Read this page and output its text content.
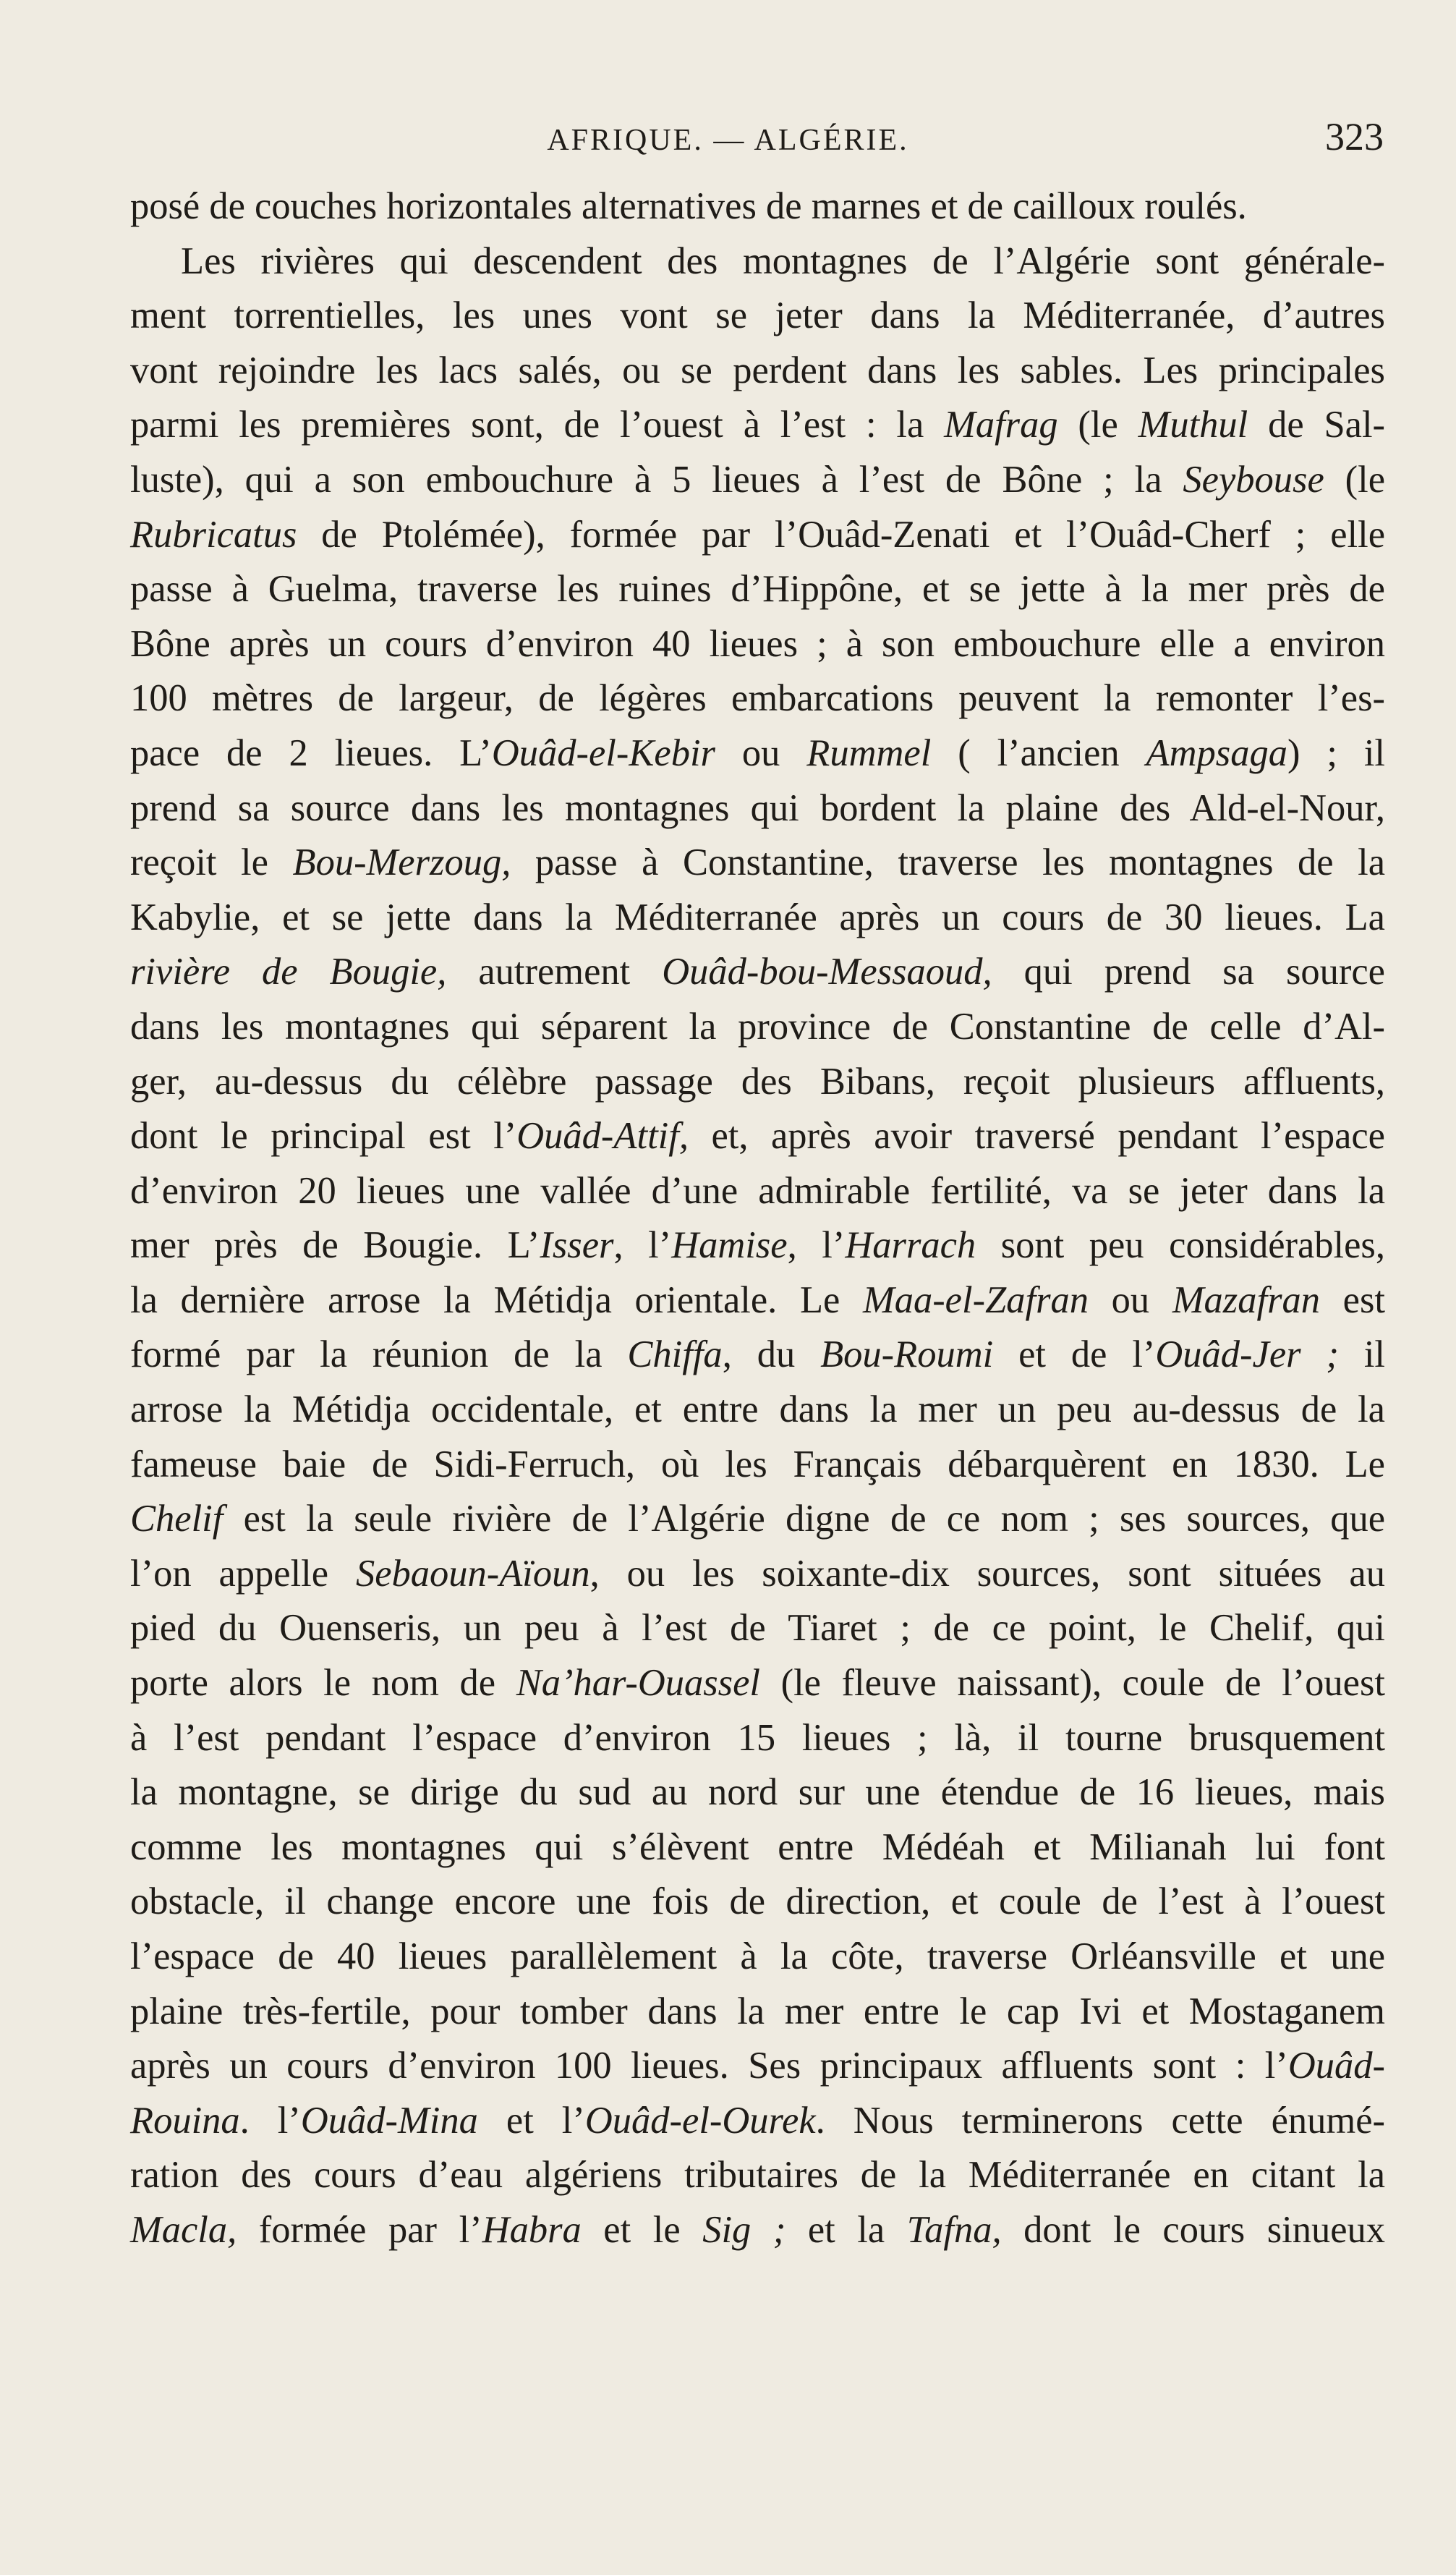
AFRIQUE. — ALGÉRIE.	323
posé de couches horizontales alternatives de marnes et de cailloux roulés.
Les rivières qui descendent des montagnes de l’Algérie sont générale-
ment torrentielles, les unes vont se jeter dans la Méditerranée, d’autres
vont rejoindre les lacs salés, ou se perdent dans les sables. Les principales
parmi les premières sont, de l’ouest à l’est : la Mafrag (le Muthul de Sal-
luste), qui a son embouchure à 5 lieues à l’est de Bône ; la Seybouse (le
Rubricatus de Ptolémée), formée par l’Ouâd-Zenati et l’Ouâd-Cherf ; elle
passe à Guelma, traverse les ruines d’Hippône, et se jette à la mer près de
Bône après un cours d’environ 40 lieues ; à son embouchure elle a environ
100 mètres de largeur, de légères embarcations peuvent la remonter l’es-
pace de 2 lieues. L’Ouâd-el-Kebir ou Rummel ( l’ancien Ampsaga) ; il
prend sa source dans les montagnes qui bordent la plaine des Ald-el-Nour,
reçoit le Bou-Merzoug, passe à Constantine, traverse les montagnes de la
Kabylie, et se jette dans la Méditerranée après un cours de 30 lieues. La
rivière de Bougie, autrement Ouâd-bou-Messaoud, qui prend sa source
dans les montagnes qui séparent la province de Constantine de celle d’Al-
ger, au-dessus du célèbre passage des Bibans, reçoit plusieurs affluents,
dont le principal est l’Ouâd-Attif, et, après avoir traversé pendant l’espace
d’environ 20 lieues une vallée d’une admirable fertilité, va se jeter dans la
mer près de Bougie. L’Isser, l’Hamise, l’Harrach sont peu considérables,
la dernière arrose la Métidja orientale. Le Maa-el-Zafran ou Mazafran est
formé par la réunion de la Chiffa, du Bou-Roumi et de l’Ouâd-Jer ; il
arrose la Métidja occidentale, et entre dans la mer un peu au-dessus de la
fameuse baie de Sidi-Ferruch, où les Français débarquèrent en 1830. Le
Chelif est la seule rivière de l’Algérie digne de ce nom ; ses sources, que
l’on appelle Sebaoun-Aïoun, ou les soixante-dix sources, sont situées au
pied du Ouenseris, un peu à l’est de Tiaret ; de ce point, le Chelif, qui
porte alors le nom de Na’har-Ouassel (le fleuve naissant), coule de l’ouest
à l’est pendant l’espace d’environ 15 lieues ; là, il tourne brusquement
la montagne, se dirige du sud au nord sur une étendue de 16 lieues, mais
comme les montagnes qui s’élèvent entre Médéah et Milianah lui font
obstacle, il change encore une fois de direction, et coule de l’est à l’ouest
l’espace de 40 lieues parallèlement à la côte, traverse Orléansville et une
plaine très-fertile, pour tomber dans la mer entre le cap Ivi et Mostaganem
après un cours d’environ 100 lieues. Ses principaux affluents sont : l’Ouâd-
Rouina. l’Ouâd-Mina et l’Ouâd-el-Ourek. Nous terminerons cette énumé-
ration des cours d’eau algériens tributaires de la Méditerranée en citant la
Macla, formée par l’Habra et le Sig ; et la Tafna, dont le cours sinueux
